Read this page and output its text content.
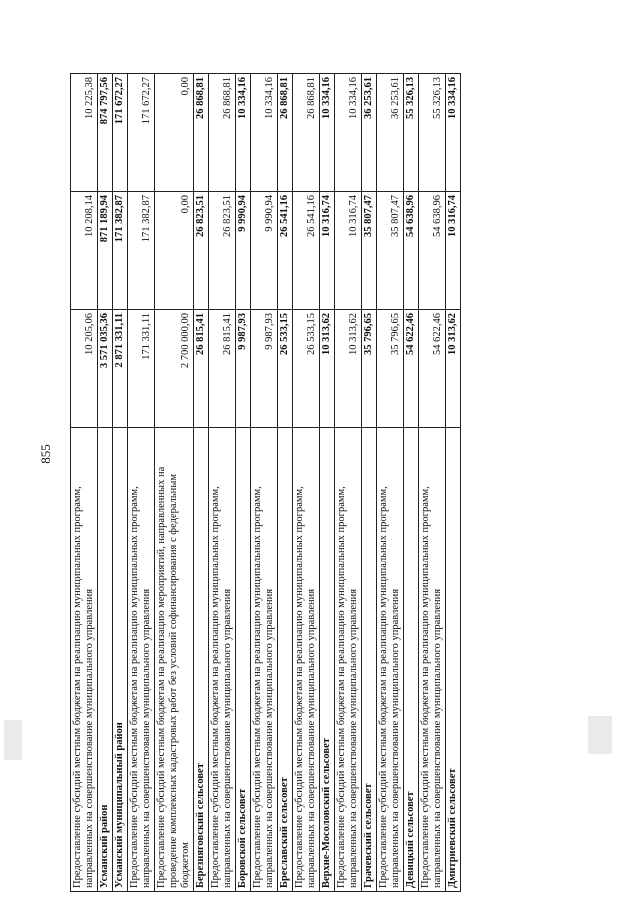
855
Предоставление субсидий местным бюджетам на реализацию муниципальных программ, направленных на совершенствование муниципального управления	10 205,06	10 208,14	10 225,38
Усманский район	3 571 035,36	871 189,94	874 797,56
Усманский муниципальный район	2 871 331,11	171 382,87	171 672,27
Предоставление субсидий местным бюджетам на реализацию муниципальных программ, направленных на совершенствование муниципального управления	171 331,11	171 382,87	171 672,27
Предоставление субсидий местным бюджетам на реализацию мероприятий, направленных на проведение комплексных кадастровых работ без условий софинансирования с федеральным бюджетом	2 700 000,00	0,00	0,00
Березняговский сельсовет	26 815,41	26 823,51	26 868,81
Предоставление субсидий местным бюджетам на реализацию муниципальных программ, направленных на совершенствование муниципального управления	26 815,41	26 823,51	26 868,81
Боровской сельсовет	9 987,93	9 990,94	10 334,16
Предоставление субсидий местным бюджетам на реализацию муниципальных программ, направленных на совершенствование муниципального управления	9 987,93	9 990,94	10 334,16
Бреславский сельсовет	26 533,15	26 541,16	26 868,81
Предоставление субсидий местным бюджетам на реализацию муниципальных программ, направленных на совершенствование муниципального управления	26 533,15	26 541,16	26 868,81
Верхне-Мосоловский сельсовет	10 313,62	10 316,74	10 334,16
Предоставление субсидий местным бюджетам на реализацию муниципальных программ, направленных на совершенствование муниципального управления	10 313,62	10 316,74	10 334,16
Грачевский сельсовет	35 796,65	35 807,47	36 253,61
Предоставление субсидий местным бюджетам на реализацию муниципальных программ, направленных на совершенствование муниципального управления	35 796,65	35 807,47	36 253,61
Девицкий сельсовет	54 622,46	54 638,96	55 326,13
Предоставление субсидий местным бюджетам на реализацию муниципальных программ, направленных на совершенствование муниципального управления	54 622,46	54 638,96	55 326,13
Дмитриевский сельсовет	10 313,62	10 316,74	10 334,16
